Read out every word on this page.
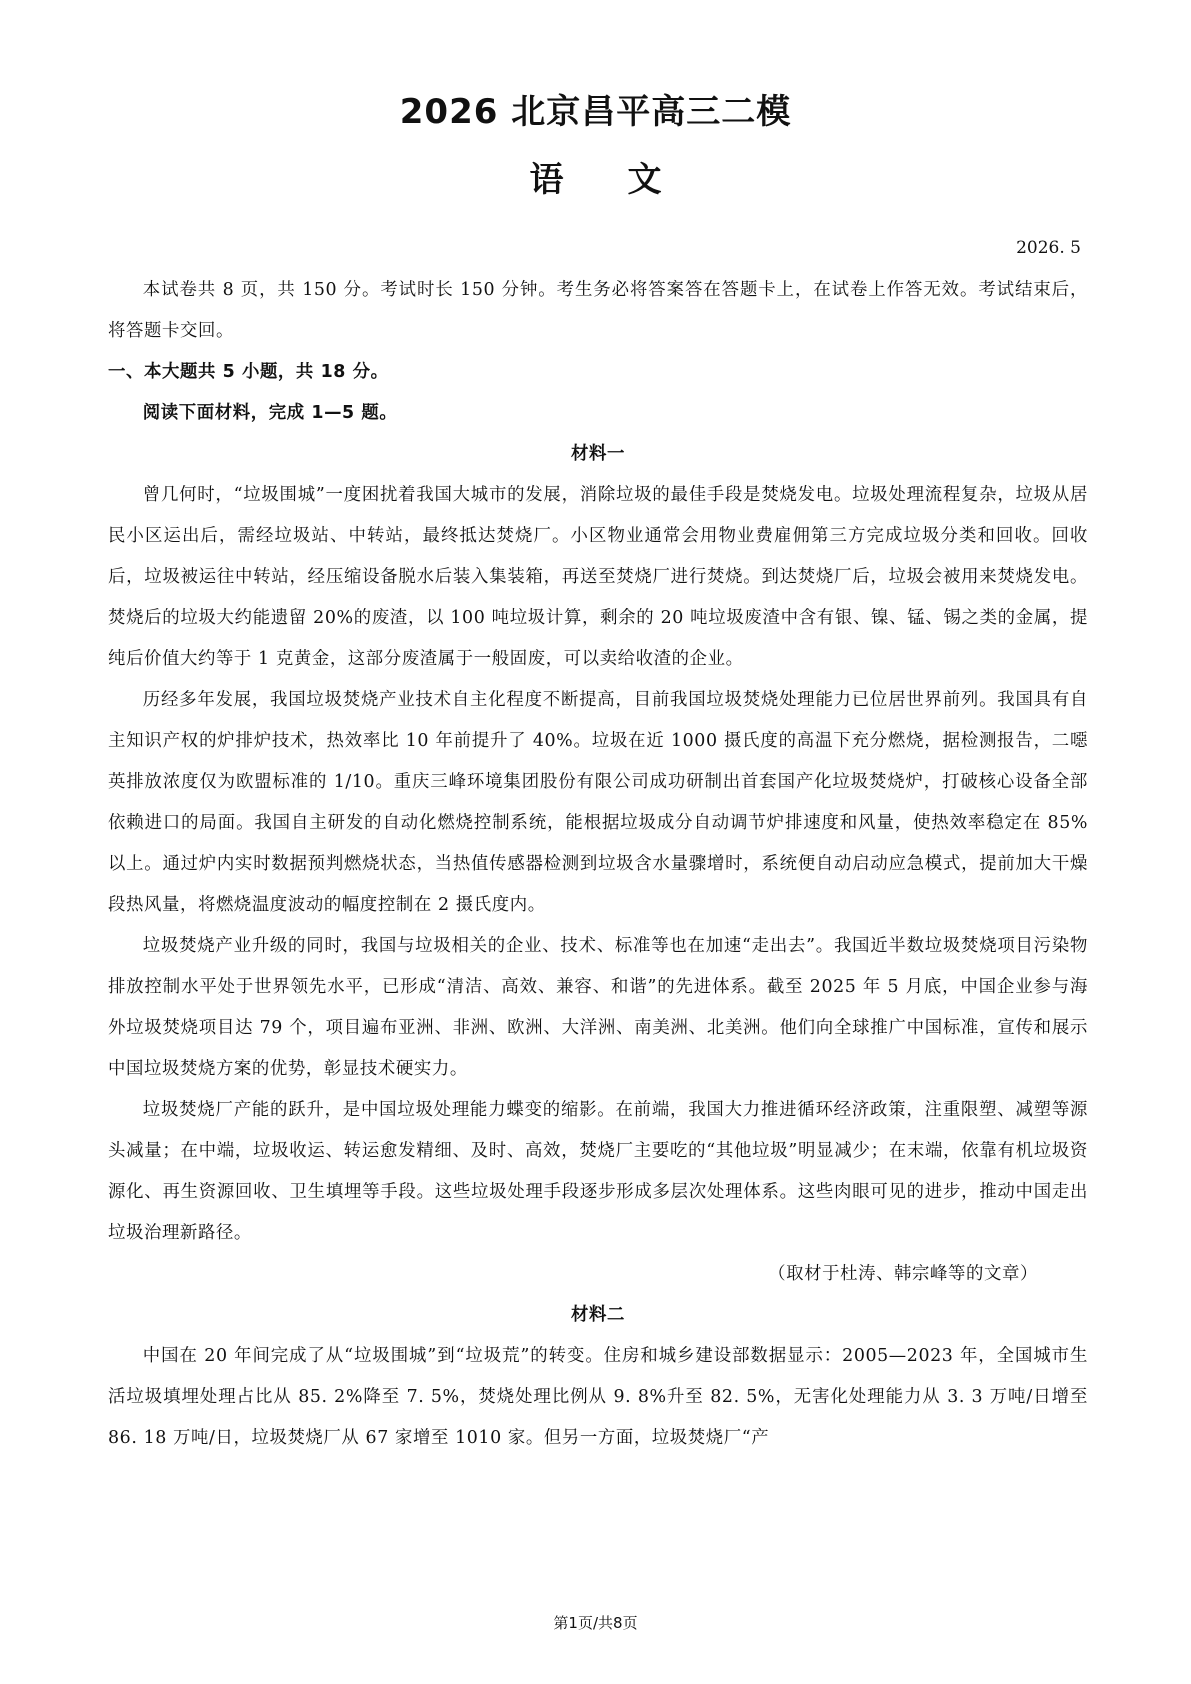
2026 北京昌平高三二模
语文
2026. 5

本试卷共 8 页，共 150 分。考试时长 150 分钟。考生务必将答案答在答题卡上，在试卷上作答无效。考试结束后，将答题卡交回。

一、本大题共 5 小题，共 18 分。

阅读下面材料，完成 1—5 题。

材料一

曾几何时，“垃圾围城”一度困扰着我国大城市的发展，消除垃圾的最佳手段是焚烧发电。垃圾处理流程复杂，垃圾从居民小区运出后，需经垃圾站、中转站，最终抵达焚烧厂。小区物业通常会用物业费雇佣第三方完成垃圾分类和回收。回收后，垃圾被运往中转站，经压缩设备脱水后装入集装箱，再送至焚烧厂进行焚烧。到达焚烧厂后，垃圾会被用来焚烧发电。焚烧后的垃圾大约能遗留 20%的废渣，以 100 吨垃圾计算，剩余的 20 吨垃圾废渣中含有银、镍、锰、锡之类的金属，提纯后价值大约等于 1 克黄金，这部分废渣属于一般固废，可以卖给收渣的企业。

历经多年发展，我国垃圾焚烧产业技术自主化程度不断提高，目前我国垃圾焚烧处理能力已位居世界前列。我国具有自主知识产权的炉排炉技术，热效率比 10 年前提升了 40%。垃圾在近 1000 摄氏度的高温下充分燃烧，据检测报告，二噁英排放浓度仅为欧盟标准的 1/10。重庆三峰环境集团股份有限公司成功研制出首套国产化垃圾焚烧炉，打破核心设备全部依赖进口的局面。我国自主研发的自动化燃烧控制系统，能根据垃圾成分自动调节炉排速度和风量，使热效率稳定在 85%以上。通过炉内实时数据预判燃烧状态，当热值传感器检测到垃圾含水量骤增时，系统便自动启动应急模式，提前加大干燥段热风量，将燃烧温度波动的幅度控制在 2 摄氏度内。

垃圾焚烧产业升级的同时，我国与垃圾相关的企业、技术、标准等也在加速“走出去”。我国近半数垃圾焚烧项目污染物排放控制水平处于世界领先水平，已形成“清洁、高效、兼容、和谐”的先进体系。截至 2025 年 5 月底，中国企业参与海外垃圾焚烧项目达 79 个，项目遍布亚洲、非洲、欧洲、大洋洲、南美洲、北美洲。他们向全球推广中国标准，宣传和展示中国垃圾焚烧方案的优势，彰显技术硬实力。

垃圾焚烧厂产能的跃升，是中国垃圾处理能力蝶变的缩影。在前端，我国大力推进循环经济政策，注重限塑、减塑等源头减量；在中端，垃圾收运、转运愈发精细、及时、高效，焚烧厂主要吃的“其他垃圾”明显减少；在末端，依靠有机垃圾资源化、再生资源回收、卫生填埋等手段。这些垃圾处理手段逐步形成多层次处理体系。这些肉眼可见的进步，推动中国走出垃圾治理新路径。

（取材于杜涛、韩宗峰等的文章）

材料二

中国在 20 年间完成了从“垃圾围城”到“垃圾荒”的转变。住房和城乡建设部数据显示：2005—2023 年，全国城市生活垃圾填埋处理占比从 85. 2%降至 7. 5%，焚烧处理比例从 9. 8%升至 82. 5%，无害化处理能力从 3. 3 万吨/日增至 86. 18 万吨/日，垃圾焚烧厂从 67 家增至 1010 家。但另一方面，垃圾焚烧厂“产

第1页/共8页
